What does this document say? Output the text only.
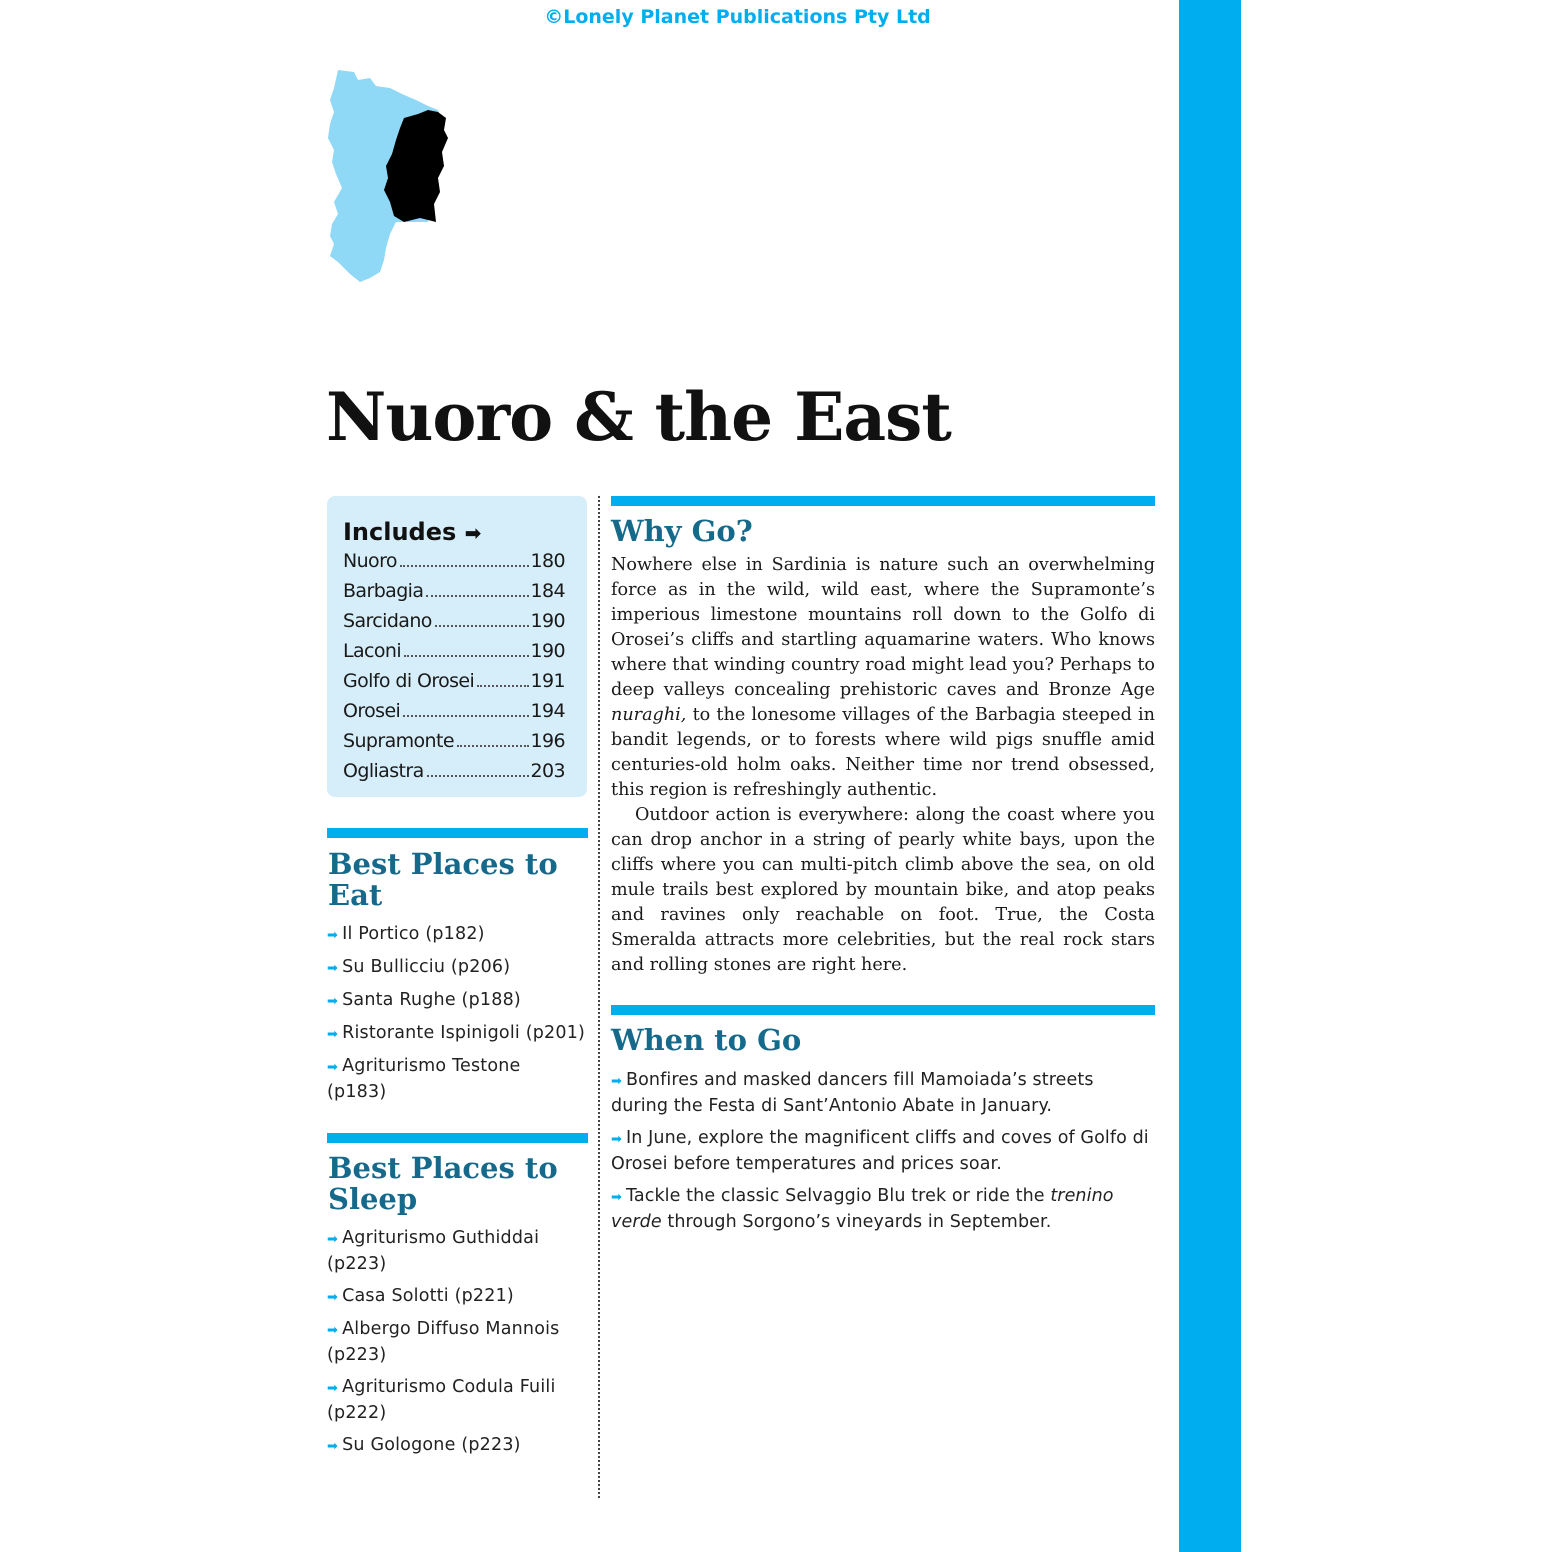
©Lonely Planet Publications Pty Ltd
Nuoro & the East
Includes ➡
Nuoro	180
Barbagia	184
Sarcidano	190
Laconi	190
Golfo di Orosei	191
Orosei	194
Supramonte	196
Ogliastra	203
Best Places to
Eat
➡ Il Portico (p182)
➡ Su Bullicciu (p206)
➡ Santa Rughe (p188)
➡ Ristorante Ispinigoli (p201)
➡ Agriturismo Testone (p183)
Best Places to
Sleep
➡ Agriturismo Guthiddai (p223)
➡ Casa Solotti (p221)
➡ Albergo Diffuso Mannois (p223)
➡ Agriturismo Codula Fuili (p222)
➡ Su Gologone (p223)
Why Go?

Nowhere else in Sardinia is nature such an overwhelming force as in the wild, wild east, where the Supramonte’s imperious limestone mountains roll down to the Golfo di Orosei’s cliffs and startling aquamarine waters. Who knows where that winding country road might lead you? Perhaps to deep valleys concealing prehistoric caves and Bronze Age nuraghi, to the lonesome villages of the Barbagia steeped in bandit legends, or to forests where wild pigs snuffle amid centuries-old holm oaks. Neither time nor trend obsessed, this region is refreshingly authentic.

Outdoor action is everywhere: along the coast where you can drop anchor in a string of pearly white bays, upon the cliffs where you can multi-pitch climb above the sea, on old mule trails best explored by mountain bike, and atop peaks and ravines only reachable on foot. True, the Costa Smeralda attracts more celebrities, but the real rock stars and rolling stones are right here.

When to Go
➡ Bonfires and masked dancers fill Mamoiada’s streets during the Festa di Sant’Antonio Abate in January.
➡ In June, explore the magnificent cliffs and coves of Golfo di Orosei before temperatures and prices soar.
➡ Tackle the classic Selvaggio Blu trek or ride the trenino verde through Sorgono’s vineyards in September.
